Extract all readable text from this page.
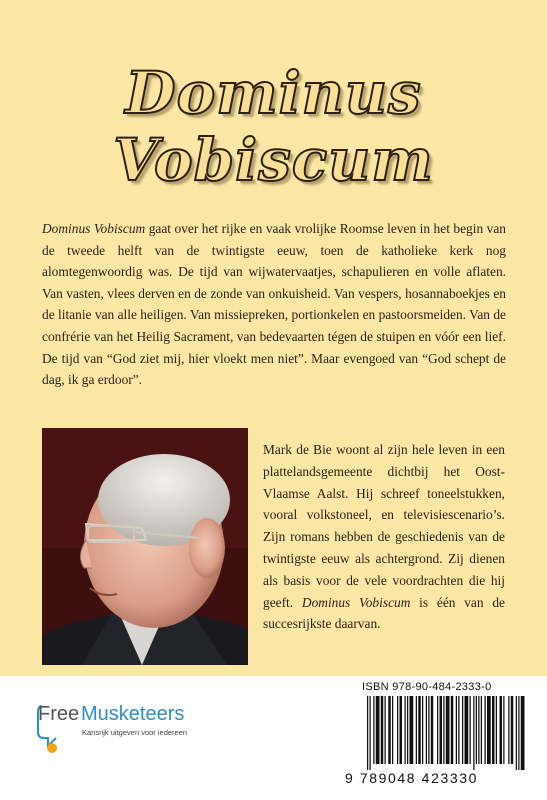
Dominus
Vobiscum
Dominus Vobiscum gaat over het rijke en vaak vrolijke Roomse leven in het begin van de tweede helft van de twintigste eeuw, toen de katholieke kerk nog alomtegenwoordig was. De tijd van wijwatervaatjes, schapulieren en volle aflaten. Van vasten, vlees derven en de zonde van onkuisheid. Van vespers, hosannaboekjes en de litanie van alle heiligen. Van missiepreken, portionkelen en pastoorsmeiden. Van de confrérie van het Heilig Sacrament, van bedevaarten tégen de stuipen en vóór een lief. De tijd van “God ziet mij, hier vloekt men niet”. Maar evengoed van “God schept de dag, ik ga erdoor”.
Mark de Bie woont al zijn hele leven in een plattelandsgemeente dichtbij het Oost-Vlaamse Aalst. Hij schreef toneelstukken, vooral volkstoneel, en televisiescenario’s. Zijn romans hebben de geschiedenis van de twintigste eeuw als achtergrond. Zij dienen als basis voor de vele voordrachten die hij geeft. Dominus Vobiscum is één van de succesrijkste daarvan.
Free Musketeers
Kansrijk uitgeven voor iedereen
ISBN 978-90-484-2333-0
9 789048 423330
